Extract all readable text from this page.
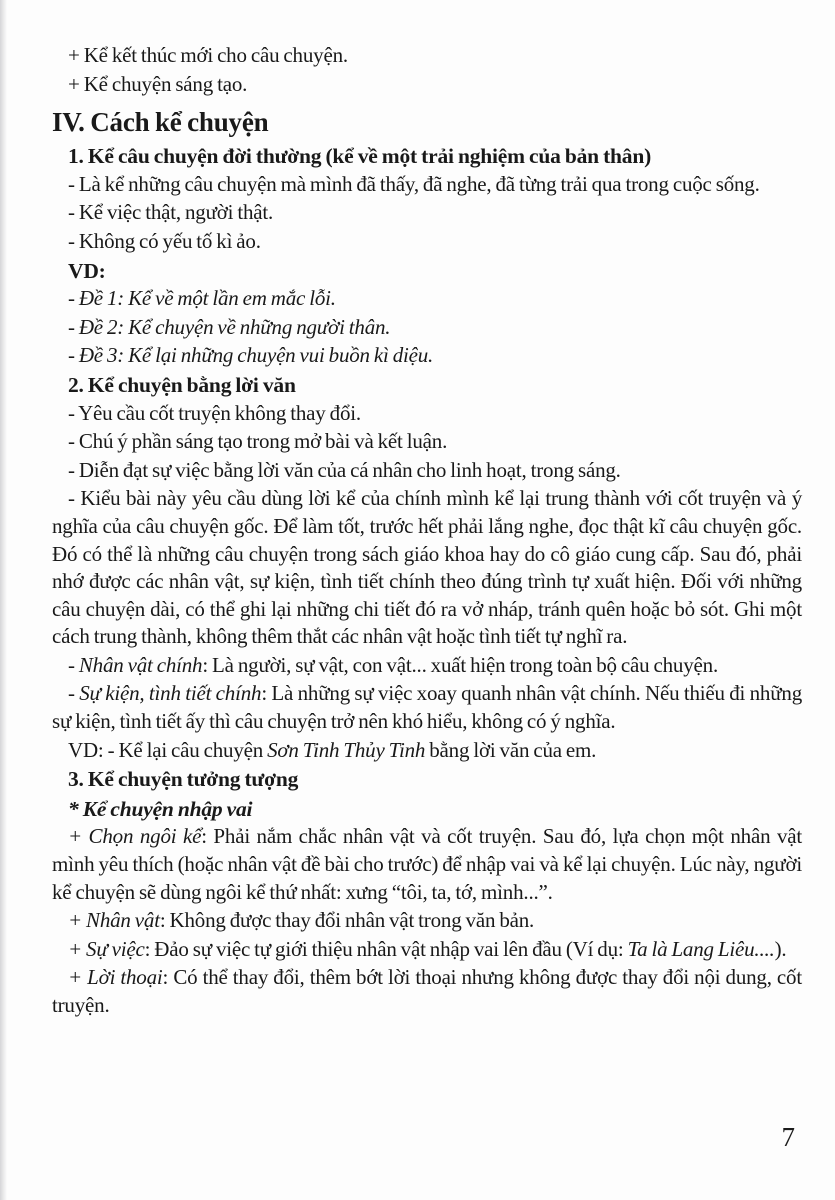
+ Kể kết thúc mới cho câu chuyện.

+ Kể chuyện sáng tạo.

IV. Cách kể chuyện

1. Kể câu chuyện đời thường (kể về một trải nghiệm của bản thân)

- Là kể những câu chuyện mà mình đã thấy, đã nghe, đã từng trải qua trong cuộc sống.

- Kể việc thật, người thật.

- Không có yếu tố kì ảo.

VD:

- Đề 1: Kể về một lần em mắc lỗi.

- Đề 2: Kể chuyện về những người thân.

- Đề 3: Kể lại những chuyện vui buồn kì diệu.

2. Kể chuyện bằng lời văn

- Yêu cầu cốt truyện không thay đổi.

- Chú ý phần sáng tạo trong mở bài và kết luận.

- Diễn đạt sự việc bằng lời văn của cá nhân cho linh hoạt, trong sáng.

- Kiểu bài này yêu cầu dùng lời kể của chính mình kể lại trung thành với cốt truyện và ý nghĩa của câu chuyện gốc. Để làm tốt, trước hết phải lắng nghe, đọc thật kĩ câu chuyện gốc. Đó có thể là những câu chuyện trong sách giáo khoa hay do cô giáo cung cấp. Sau đó, phải nhớ được các nhân vật, sự kiện, tình tiết chính theo đúng trình tự xuất hiện. Đối với những câu chuyện dài, có thể ghi lại những chi tiết đó ra vở nháp, tránh quên hoặc bỏ sót. Ghi một cách trung thành, không thêm thắt các nhân vật hoặc tình tiết tự nghĩ ra.

- Nhân vật chính: Là người, sự vật, con vật... xuất hiện trong toàn bộ câu chuyện.

- Sự kiện, tình tiết chính: Là những sự việc xoay quanh nhân vật chính. Nếu thiếu đi những sự kiện, tình tiết ấy thì câu chuyện trở nên khó hiểu, không có ý nghĩa.

VD: - Kể lại câu chuyện Sơn Tinh Thủy Tinh bằng lời văn của em.

3. Kể chuyện tưởng tượng

* Kể chuyện nhập vai

+ Chọn ngôi kể: Phải nắm chắc nhân vật và cốt truyện. Sau đó, lựa chọn một nhân vật mình yêu thích (hoặc nhân vật đề bài cho trước) để nhập vai và kể lại chuyện. Lúc này, người kể chuyện sẽ dùng ngôi kể thứ nhất: xưng “tôi, ta, tớ, mình...”.

+ Nhân vật: Không được thay đổi nhân vật trong văn bản.

+ Sự việc: Đảo sự việc tự giới thiệu nhân vật nhập vai lên đầu (Ví dụ: Ta là Lang Liêu....).

+ Lời thoại: Có thể thay đổi, thêm bớt lời thoại nhưng không được thay đổi nội dung, cốt truyện.

7
